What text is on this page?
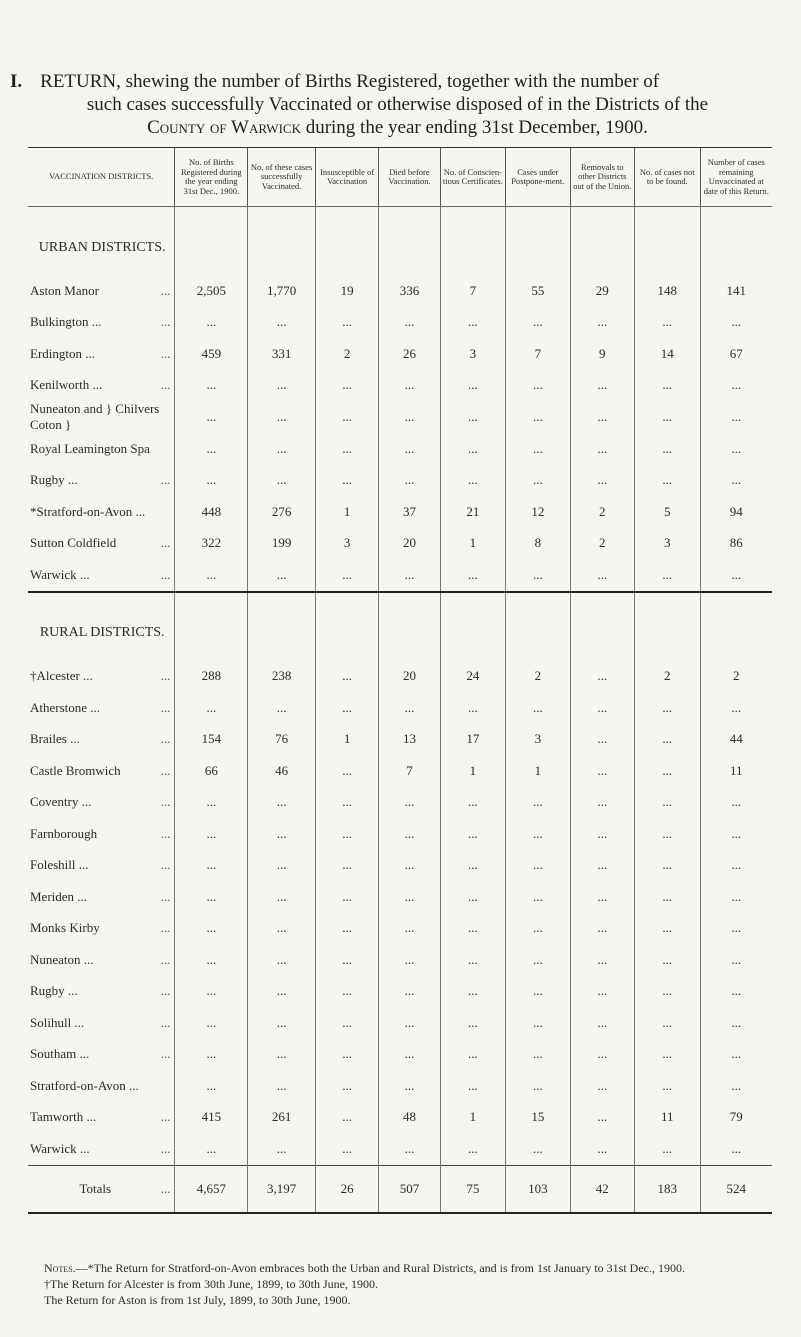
I. RETURN, shewing the number of Births Registered, together with the number of
such cases successfully Vaccinated or otherwise disposed of in the Districts of the
County of Warwick during the year ending 31st December, 1900.
VACCINATION DISTRICTS.	No. of Births Registered during the year ending 31st Dec., 1900.	No. of these cases successfully Vaccinated.	Insusceptible of Vaccination	Died before Vaccination.	No. of Conscien-tious Certificates.	Cases under Postpone-ment.	Removals to other Districts out of the Union.	No. of cases not to be found.	Number of cases remaining Unvaccinated at date of this Return.
URBAN DISTRICTS.									
Aston Manor ...	2,505	1,770	19	336	7	55	29	148	141
Bulkington ... ...	...	...	...	...	...	...	...	...	...
Erdington ... ...	459	331	2	26	3	7	9	14	67
Kenilworth ... ...	...	...	...	...	...	...	...	...	...
Nuneaton and } Chilvers Coton }	...	...	...	...	...	...	...	...	...
Royal Leamington Spa	...	...	...	...	...	...	...	...	...
Rugby ... ...	...	...	...	...	...	...	...	...	...
*Stratford-on-Avon ...	448	276	1	37	21	12	2	5	94
Sutton Coldfield ...	322	199	3	20	1	8	2	3	86
Warwick ... ...	...	...	...	...	...	...	...	...	...

RURAL DISTRICTS.									
†Alcester ... ...	288	238	...	20	24	2	...	2	2
Atherstone ... ...	...	...	...	...	...	...	...	...	...
Brailes ... ...	154	76	1	13	17	3	...	...	44
Castle Bromwich ...	66	46	...	7	1	1	...	...	11
Coventry ... ...	...	...	...	...	...	...	...	...	...
Farnborough ...	...	...	...	...	...	...	...	...	...
Foleshill ... ...	...	...	...	...	...	...	...	...	...
Meriden ... ...	...	...	...	...	...	...	...	...	...
Monks Kirby ...	...	...	...	...	...	...	...	...	...
Nuneaton ... ...	...	...	...	...	...	...	...	...	...
Rugby ... ...	...	...	...	...	...	...	...	...	...
Solihull ... ...	...	...	...	...	...	...	...	...	...
Southam ... ...	...	...	...	...	...	...	...	...	...
Stratford-on-Avon ...	...	...	...	...	...	...	...	...	...
Tamworth ... ...	415	261	...	48	1	15	...	11	79
Warwick ... ...	...	...	...	...	...	...	...	...	...
Totals ...	4,657	3,197	26	507	75	103	42	183	524
Notes.—*The Return for Stratford-on-Avon embraces both the Urban and Rural Districts, and is from 1st January to 31st Dec., 1900.
†The Return for Alcester is from 30th June, 1899, to 30th June, 1900.
The Return for Aston is from 1st July, 1899, to 30th June, 1900.
